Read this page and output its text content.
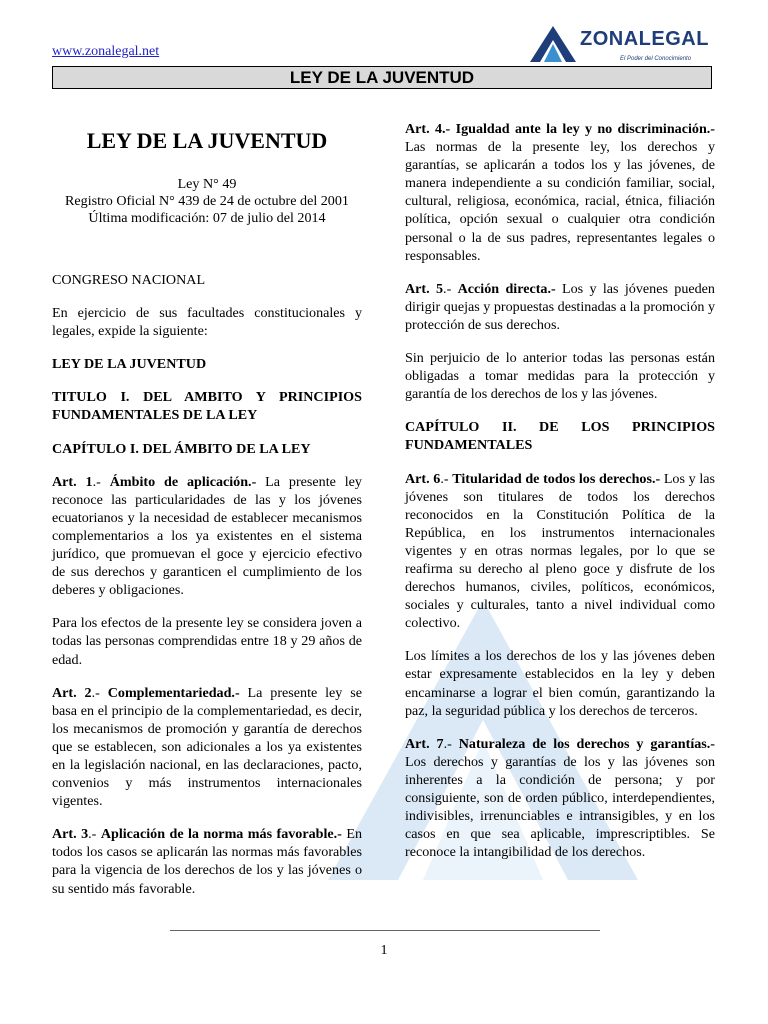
www.zonalegal.net
ZONALEGAL
El Poder del Conocimiento
LEY DE LA JUVENTUD
LEY DE LA JUVENTUD
Ley N° 49
Registro Oficial N° 439 de 24 de octubre del 2001
Última modificación: 07 de julio del 2014

CONGRESO NACIONAL

En ejercicio de sus facultades constitucionales y legales, expide la siguiente:

LEY DE LA JUVENTUD

TITULO I. DEL AMBITO Y PRINCIPIOS FUNDAMENTALES DE LA LEY

CAPÍTULO I. DEL ÁMBITO DE LA LEY

Art. 1.- Ámbito de aplicación.- La presente ley reconoce las particularidades de las y los jóvenes ecuatorianos y la necesidad de establecer mecanismos complementarios a los ya existentes en el sistema jurídico, que promuevan el goce y ejercicio efectivo de sus derechos y garanticen el cumplimiento de los deberes y obligaciones.

Para los efectos de la presente ley se considera joven a todas las personas comprendidas entre 18 y 29 años de edad.

Art. 2.- Complementariedad.- La presente ley se basa en el principio de la complementariedad, es decir, los mecanismos de promoción y garantía de derechos que se establecen, son adicionales a los ya existentes en la legislación nacional, en las declaraciones, pacto, convenios y más instrumentos internacionales vigentes.

Art. 3.- Aplicación de la norma más favorable.- En todos los casos se aplicarán las normas más favorables para la vigencia de los derechos de los y las jóvenes o su sentido más favorable.

Art. 4.- Igualdad ante la ley y no discriminación.- Las normas de la presente ley, los derechos y garantías, se aplicarán a todos los y las jóvenes, de manera independiente a su condición familiar, social, cultural, religiosa, económica, racial, étnica, filiación política, opción sexual o cualquier otra condición personal o la de sus padres, representantes legales o responsables.

Art. 5.- Acción directa.- Los y las jóvenes pueden dirigir quejas y propuestas destinadas a la promoción y protección de sus derechos.

Sin perjuicio de lo anterior todas las personas están obligadas a tomar medidas para la protección y garantía de los derechos de los y las jóvenes.

CAPÍTULO II. DE LOS PRINCIPIOS FUNDAMENTALES

Art. 6.- Titularidad de todos los derechos.- Los y las jóvenes son titulares de todos los derechos reconocidos en la Constitución Política de la República, en los instrumentos internacionales vigentes y en otras normas legales, por lo que se reafirma su derecho al pleno goce y disfrute de los derechos humanos, civiles, políticos, económicos, sociales y culturales, tanto a nivel individual como colectivo.

Los límites a los derechos de los y las jóvenes deben estar expresamente establecidos en la ley y deben encaminarse a lograr el bien común, garantizando la paz, la seguridad pública y los derechos de terceros.

Art. 7.- Naturaleza de los derechos y garantías.- Los derechos y garantías de los y las jóvenes son inherentes a la condición de persona; y por consiguiente, son de orden público, interdependientes, indivisibles, irrenunciables e intransigibles, y en los casos en que sea aplicable, imprescriptibles. Se reconoce la intangibilidad de los derechos.

1
